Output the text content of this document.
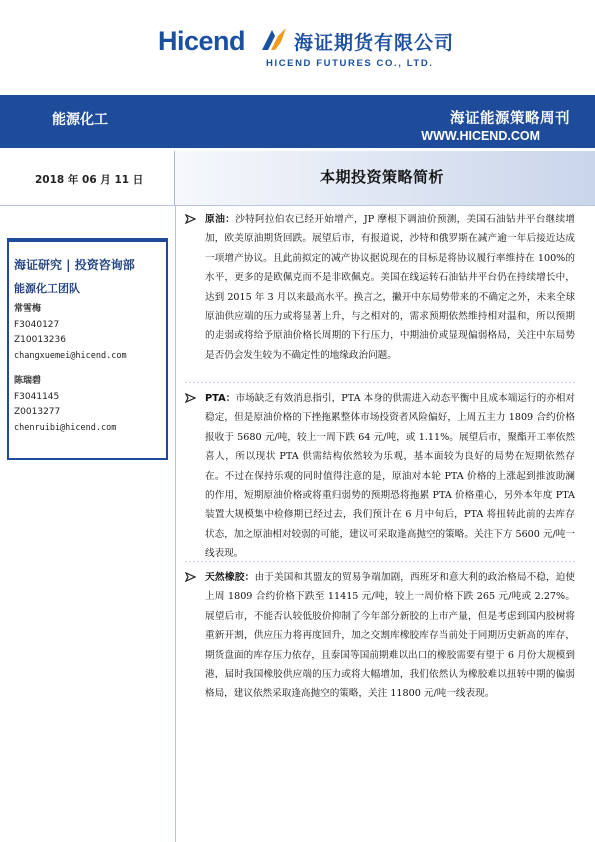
Hicend	海证期货有限公司
HICEND FUTURES CO., LTD.
能源化工	海证能源策略周刊
WWW.HICEND.COM
2018 年 06 月 11 日	本期投资策略简析
海证研究 | 投资咨询部
能源化工团队
常雪梅
F3040127
Z10013236
changxuemei@hicend.com
陈瑞碧
F3041145
Z0013277
chenruibi@hicend.com

原油：沙特阿拉伯农已经开始增产，JP 摩根下调油价预测，美国石油钻井平台继续增加，欧美原油期货回跌。展望后市，有报道说，沙特和俄罗斯在减产逾一年后接近达成一项增产协议。且此前拟定的减产协议据说现在的目标是将协议履行率维持在 100%的水平，更多的是欧佩克而不是非欧佩克。美国在线运转石油钻井平台仍在持续增长中，达到 2015 年 3 月以来最高水平。换言之，撇开中东局势带来的不确定之外，未来全球原油供应端的压力或将显著上升，与之相对的，需求预期依然维持相对温和，所以预期的走弱或将给予原油价格长周期的下行压力，中期油价或显现偏弱格局，关注中东局势是否仍会发生较为不确定性的地缘政治问题。

PTA：市场缺乏有效消息指引，PTA 本身的供需进入动态平衡中且成本端运行的亦相对稳定，但是原油价格的下挫拖累整体市场投资者风险偏好，上周五主力 1809 合约价格报收于 5680 元/吨，较上一周下跌 64 元/吨，或 1.11%。展望后市，聚酯开工率依然喜人，所以现状 PTA 供需结构依然较为乐观，基本面较为良好的局势在短期依然存在。不过在保持乐观的同时值得注意的是，原油对本轮 PTA 价格的上涨起到推波助澜的作用，短期原油价格或将重归弱势的预期恐将拖累 PTA 价格重心，另外本年度 PTA 装置大规模集中检修期已经过去，我们预计在 6 月中旬后，PTA 将扭转此前的去库存状态，加之原油相对较弱的可能，建议可采取逢高抛空的策略。关注下方 5600 元/吨一线表现。

天然橡胶：由于美国和其盟友的贸易争端加剧，西班牙和意大利的政治格局不稳，迫使上周 1809 合约价格下跌至 11415 元/吨，较上一周价格下跌 265 元/吨或 2.27%。展望后市，不能否认较低胶价抑制了今年部分新胶的上市产量，但是考虑到国内胶树将重新开割，供应压力将再度回升，加之交割库橡胶库存当前处于同期历史新高的库存，期货盘面的库存压力依存，且泰国等国前期难以出口的橡胶需要有望于 6 月份大规模到港，届时我国橡胶供应端的压力或将大幅增加，我们依然认为橡胶难以扭转中期的偏弱格局，建议依然采取逢高抛空的策略，关注 11800 元/吨一线表现。
